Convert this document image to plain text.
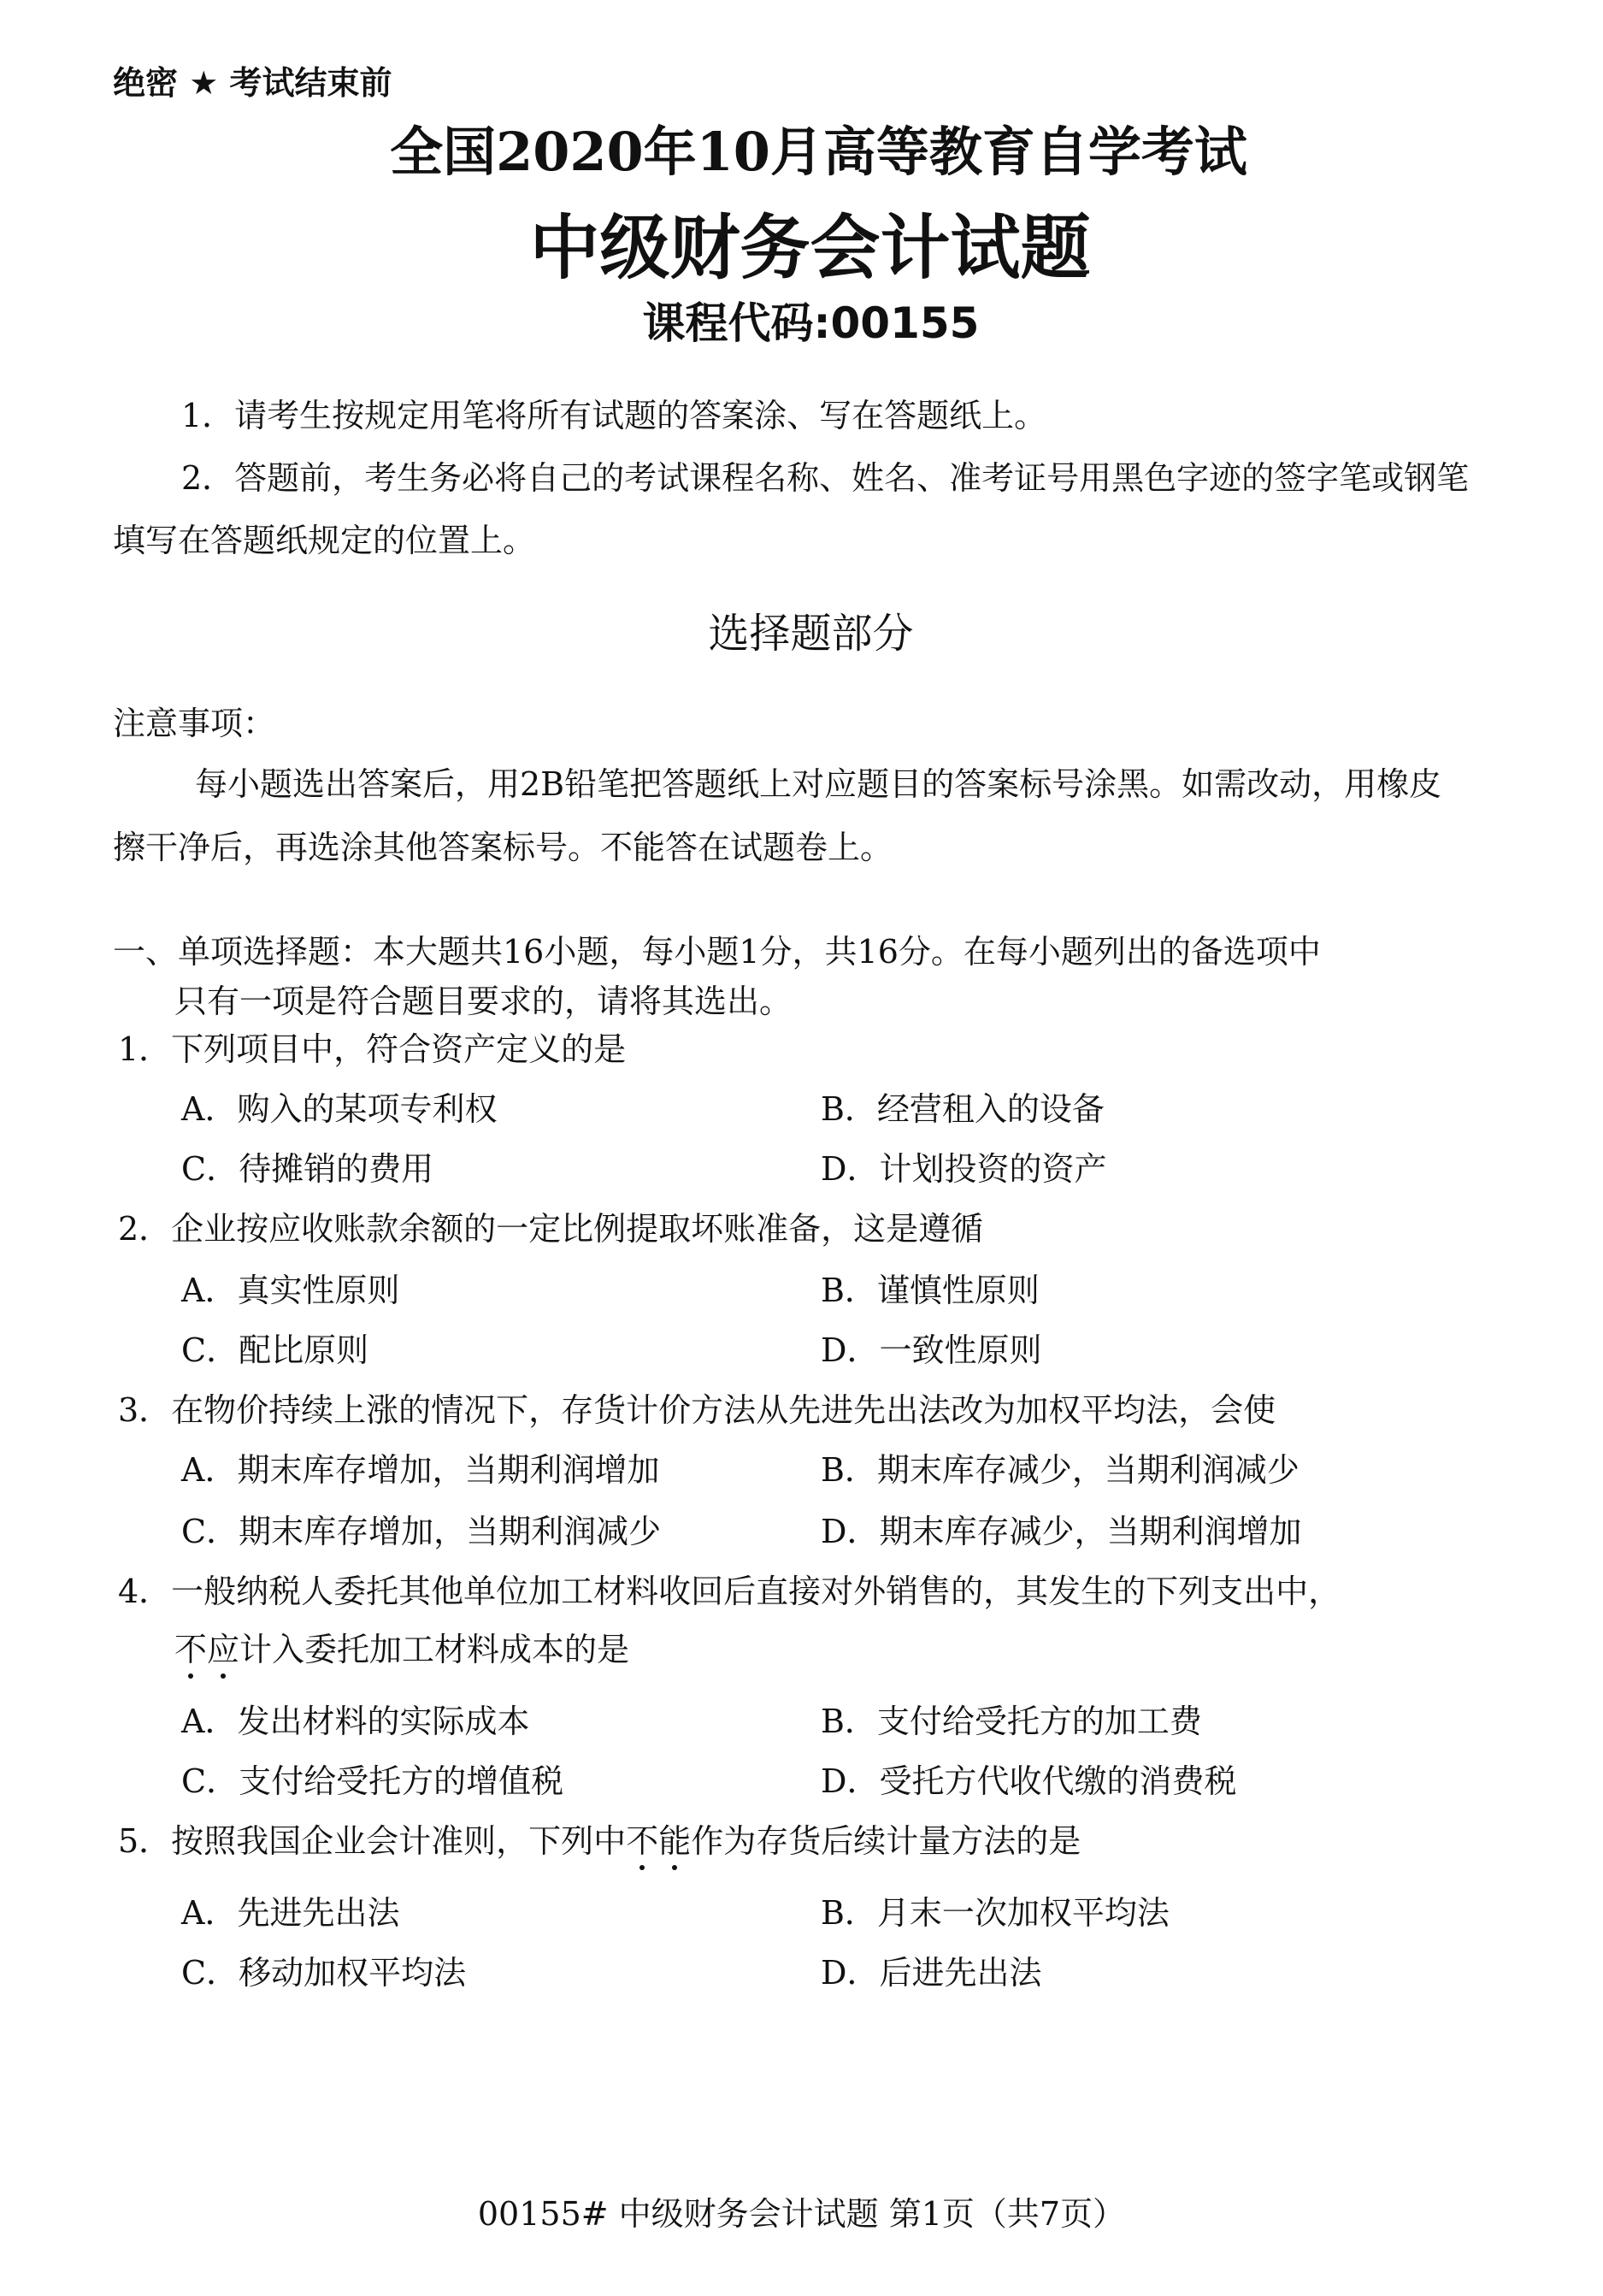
绝密 ★ 考试结束前
全国2020年10月高等教育自学考试
中级财务会计试题
课程代码:00155
1．请考生按规定用笔将所有试题的答案涂、写在答题纸上。
2．答题前，考生务必将自己的考试课程名称、姓名、准考证号用黑色字迹的签字笔或钢笔
填写在答题纸规定的位置上。
选择题部分
注意事项：
每小题选出答案后，用2B铅笔把答题纸上对应题目的答案标号涂黑。如需改动，用橡皮
擦干净后，再选涂其他答案标号。不能答在试题卷上。
一、单项选择题：本大题共16小题，每小题1分，共16分。在每小题列出的备选项中
只有一项是符合题目要求的，请将其选出。
1．下列项目中，符合资产定义的是
A．购入的某项专利权	B．经营租入的设备
C．待摊销的费用	D．计划投资的资产
2．企业按应收账款余额的一定比例提取坏账准备，这是遵循
A．真实性原则	B．谨慎性原则
C．配比原则	D．一致性原则
3．在物价持续上涨的情况下，存货计价方法从先进先出法改为加权平均法，会使
A．期末库存增加，当期利润增加	B．期末库存减少，当期利润减少
C．期末库存增加，当期利润减少	D．期末库存减少，当期利润增加
4．一般纳税人委托其他单位加工材料收回后直接对外销售的，其发生的下列支出中，
不应计入委托加工材料成本的是
A．发出材料的实际成本	B．支付给受托方的加工费
C．支付给受托方的增值税	D．受托方代收代缴的消费税
5．按照我国企业会计准则，下列中不能作为存货后续计量方法的是
A．先进先出法	B．月末一次加权平均法
C．移动加权平均法	D．后进先出法
00155# 中级财务会计试题 第1页（共7页）
